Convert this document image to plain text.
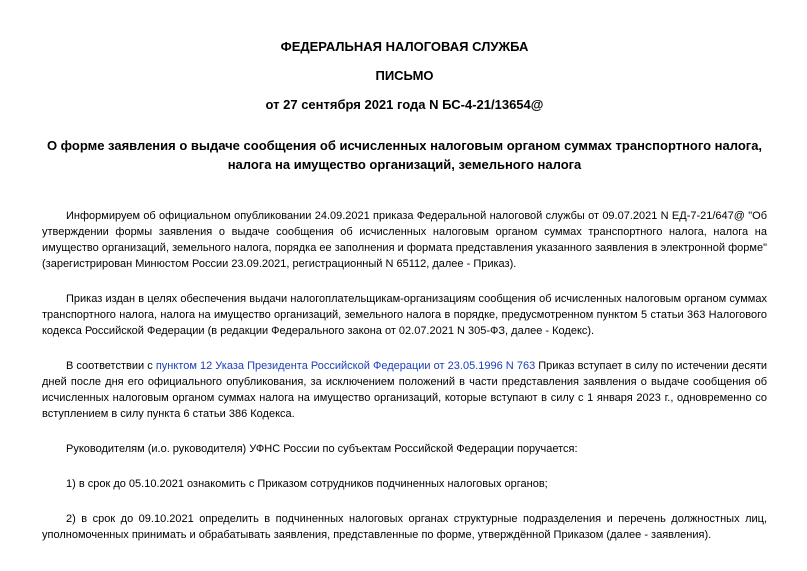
ФЕДЕРАЛЬНАЯ НАЛОГОВАЯ СЛУЖБА

ПИСЬМО

от 27 сентября 2021 года N БС-4-21/13654@

О форме заявления о выдаче сообщения об исчисленных налоговым органом суммах транспортного налога, налога на имущество организаций, земельного налога

Информируем об официальном опубликовании 24.09.2021 приказа Федеральной налоговой службы от 09.07.2021 N ЕД-7-21/647@ "Об утверждении формы заявления о выдаче сообщения об исчисленных налоговым органом суммах транспортного налога, налога на имущество организаций, земельного налога, порядка ее заполнения и формата представления указанного заявления в электронной форме" (зарегистрирован Минюстом России 23.09.2021, регистрационный N 65112, далее - Приказ).

Приказ издан в целях обеспечения выдачи налогоплательщикам-организациям сообщения об исчисленных налоговым органом суммах транспортного налога, налога на имущество организаций, земельного налога в порядке, предусмотренном пунктом 5 статьи 363 Налогового кодекса Российской Федерации (в редакции Федерального закона от 02.07.2021 N 305-ФЗ, далее - Кодекс).

В соответствии с пунктом 12 Указа Президента Российской Федерации от 23.05.1996 N 763 Приказ вступает в силу по истечении десяти дней после дня его официального опубликования, за исключением положений в части представления заявления о выдаче сообщения об исчисленных налоговым органом суммах налога на имущество организаций, которые вступают в силу с 1 января 2023 г., одновременно со вступлением в силу пункта 6 статьи 386 Кодекса.

Руководителям (и.о. руководителя) УФНС России по субъектам Российской Федерации поручается:

1) в срок до 05.10.2021 ознакомить с Приказом сотрудников подчиненных налоговых органов;

2) в срок до 09.10.2021 определить в подчиненных налоговых органах структурные подразделения и перечень должностных лиц, уполномоченных принимать и обрабатывать заявления, представленные по форме, утверждённой Приказом (далее - заявления).
